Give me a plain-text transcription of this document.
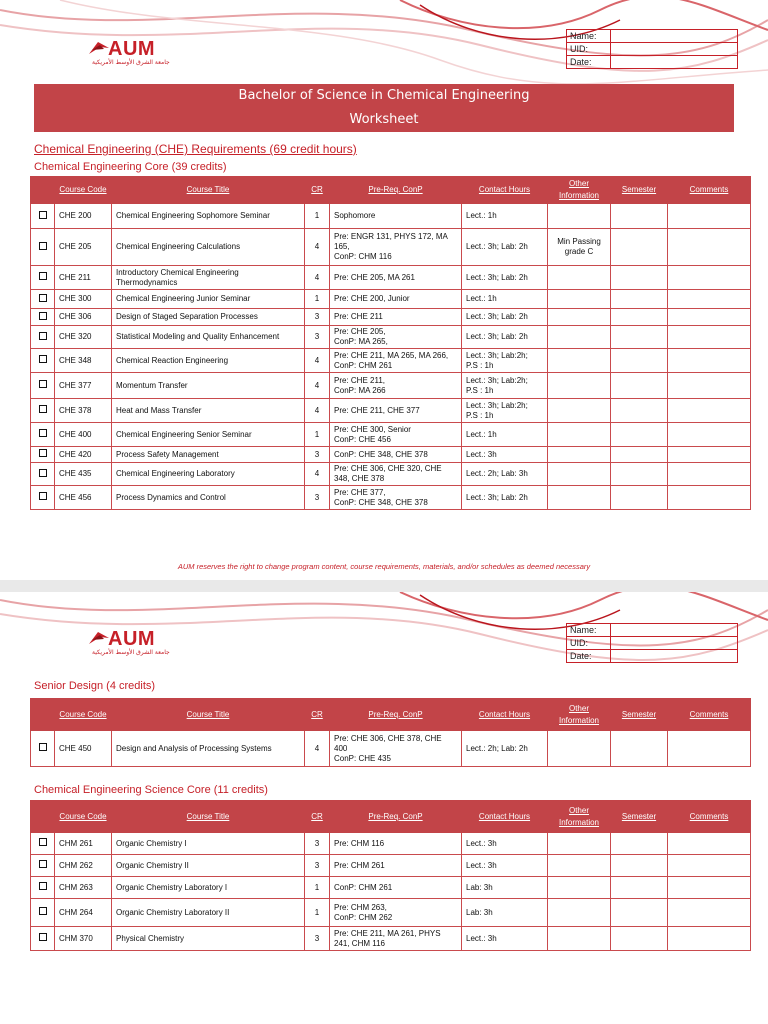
AUM
جامعة الشرق الأوسط الأمريكية
Name:	
UID:	
Date:	
Bachelor of Science in Chemical Engineering
Worksheet
Chemical Engineering (CHE) Requirements (69 credit hours)
Chemical Engineering Core (39 credits)
	Course Code	Course Title	CR	Pre-Req. ConP	Contact Hours	Other Information	Semester	Comments
	CHE 200	Chemical Engineering Sophomore Seminar	1	Sophomore	Lect.: 1h			
	CHE 205	Chemical Engineering Calculations	4	Pre: ENGR 131, PHYS 172, MA 165,
ConP: CHM 116	Lect.: 3h; Lab: 2h	Min Passing grade C		
	CHE 211	Introductory Chemical Engineering Thermodynamics	4	Pre: CHE 205, MA 261	Lect.: 3h; Lab: 2h			
	CHE 300	Chemical Engineering Junior Seminar	1	Pre: CHE 200, Junior	Lect.: 1h			
	CHE 306	Design of Staged Separation Processes	3	Pre: CHE 211	Lect.: 3h; Lab: 2h			
	CHE 320	Statistical Modeling and Quality Enhancement	3	Pre: CHE 205,
ConP: MA 265,	Lect.: 3h; Lab: 2h			
	CHE 348	Chemical Reaction Engineering	4	Pre: CHE 211, MA 265, MA 266, ConP: CHM 261	Lect.: 3h; Lab:2h;
P.S : 1h			
	CHE 377	Momentum Transfer	4	Pre: CHE 211,
ConP: MA 266	Lect.: 3h; Lab:2h;
P.S : 1h			
	CHE 378	Heat and Mass Transfer	4	Pre: CHE 211, CHE 377	Lect.: 3h; Lab:2h;
P.S : 1h			
	CHE 400	Chemical Engineering Senior Seminar	1	Pre: CHE 300, Senior
ConP: CHE 456	Lect.: 1h			
	CHE 420	Process Safety Management	3	ConP: CHE 348, CHE 378	Lect.: 3h			
	CHE 435	Chemical Engineering Laboratory	4	Pre: CHE 306, CHE 320, CHE 348, CHE 378	Lect.: 2h; Lab: 3h			
	CHE 456	Process Dynamics and Control	3	Pre: CHE 377,
ConP: CHE 348, CHE 378	Lect.: 3h; Lab: 2h			
AUM reserves the right to change program content, course requirements, materials, and/or schedules as deemed necessary
AUM
جامعة الشرق الأوسط الأمريكية
Name:	
UID:	
Date:	
Senior Design (4 credits)
	Course Code	Course Title	CR	Pre-Req. ConP	Contact Hours	Other Information	Semester	Comments
	CHE 450	Design and Analysis of Processing Systems	4	Pre: CHE 306, CHE 378, CHE 400
ConP: CHE 435	Lect.: 2h; Lab: 2h			
Chemical Engineering Science Core (11 credits)
	Course Code	Course Title	CR	Pre-Req. ConP	Contact Hours	Other Information	Semester	Comments
	CHM 261	Organic Chemistry I	3	Pre: CHM 116	Lect.: 3h			
	CHM 262	Organic Chemistry II	3	Pre: CHM 261	Lect.: 3h			
	CHM 263	Organic Chemistry Laboratory I	1	ConP: CHM 261	Lab: 3h			
	CHM 264	Organic Chemistry Laboratory II	1	Pre: CHM 263,
ConP: CHM 262	Lab: 3h			
	CHM 370	Physical Chemistry	3	Pre: CHE 211, MA 261, PHYS 241, CHM 116	Lect.: 3h			
